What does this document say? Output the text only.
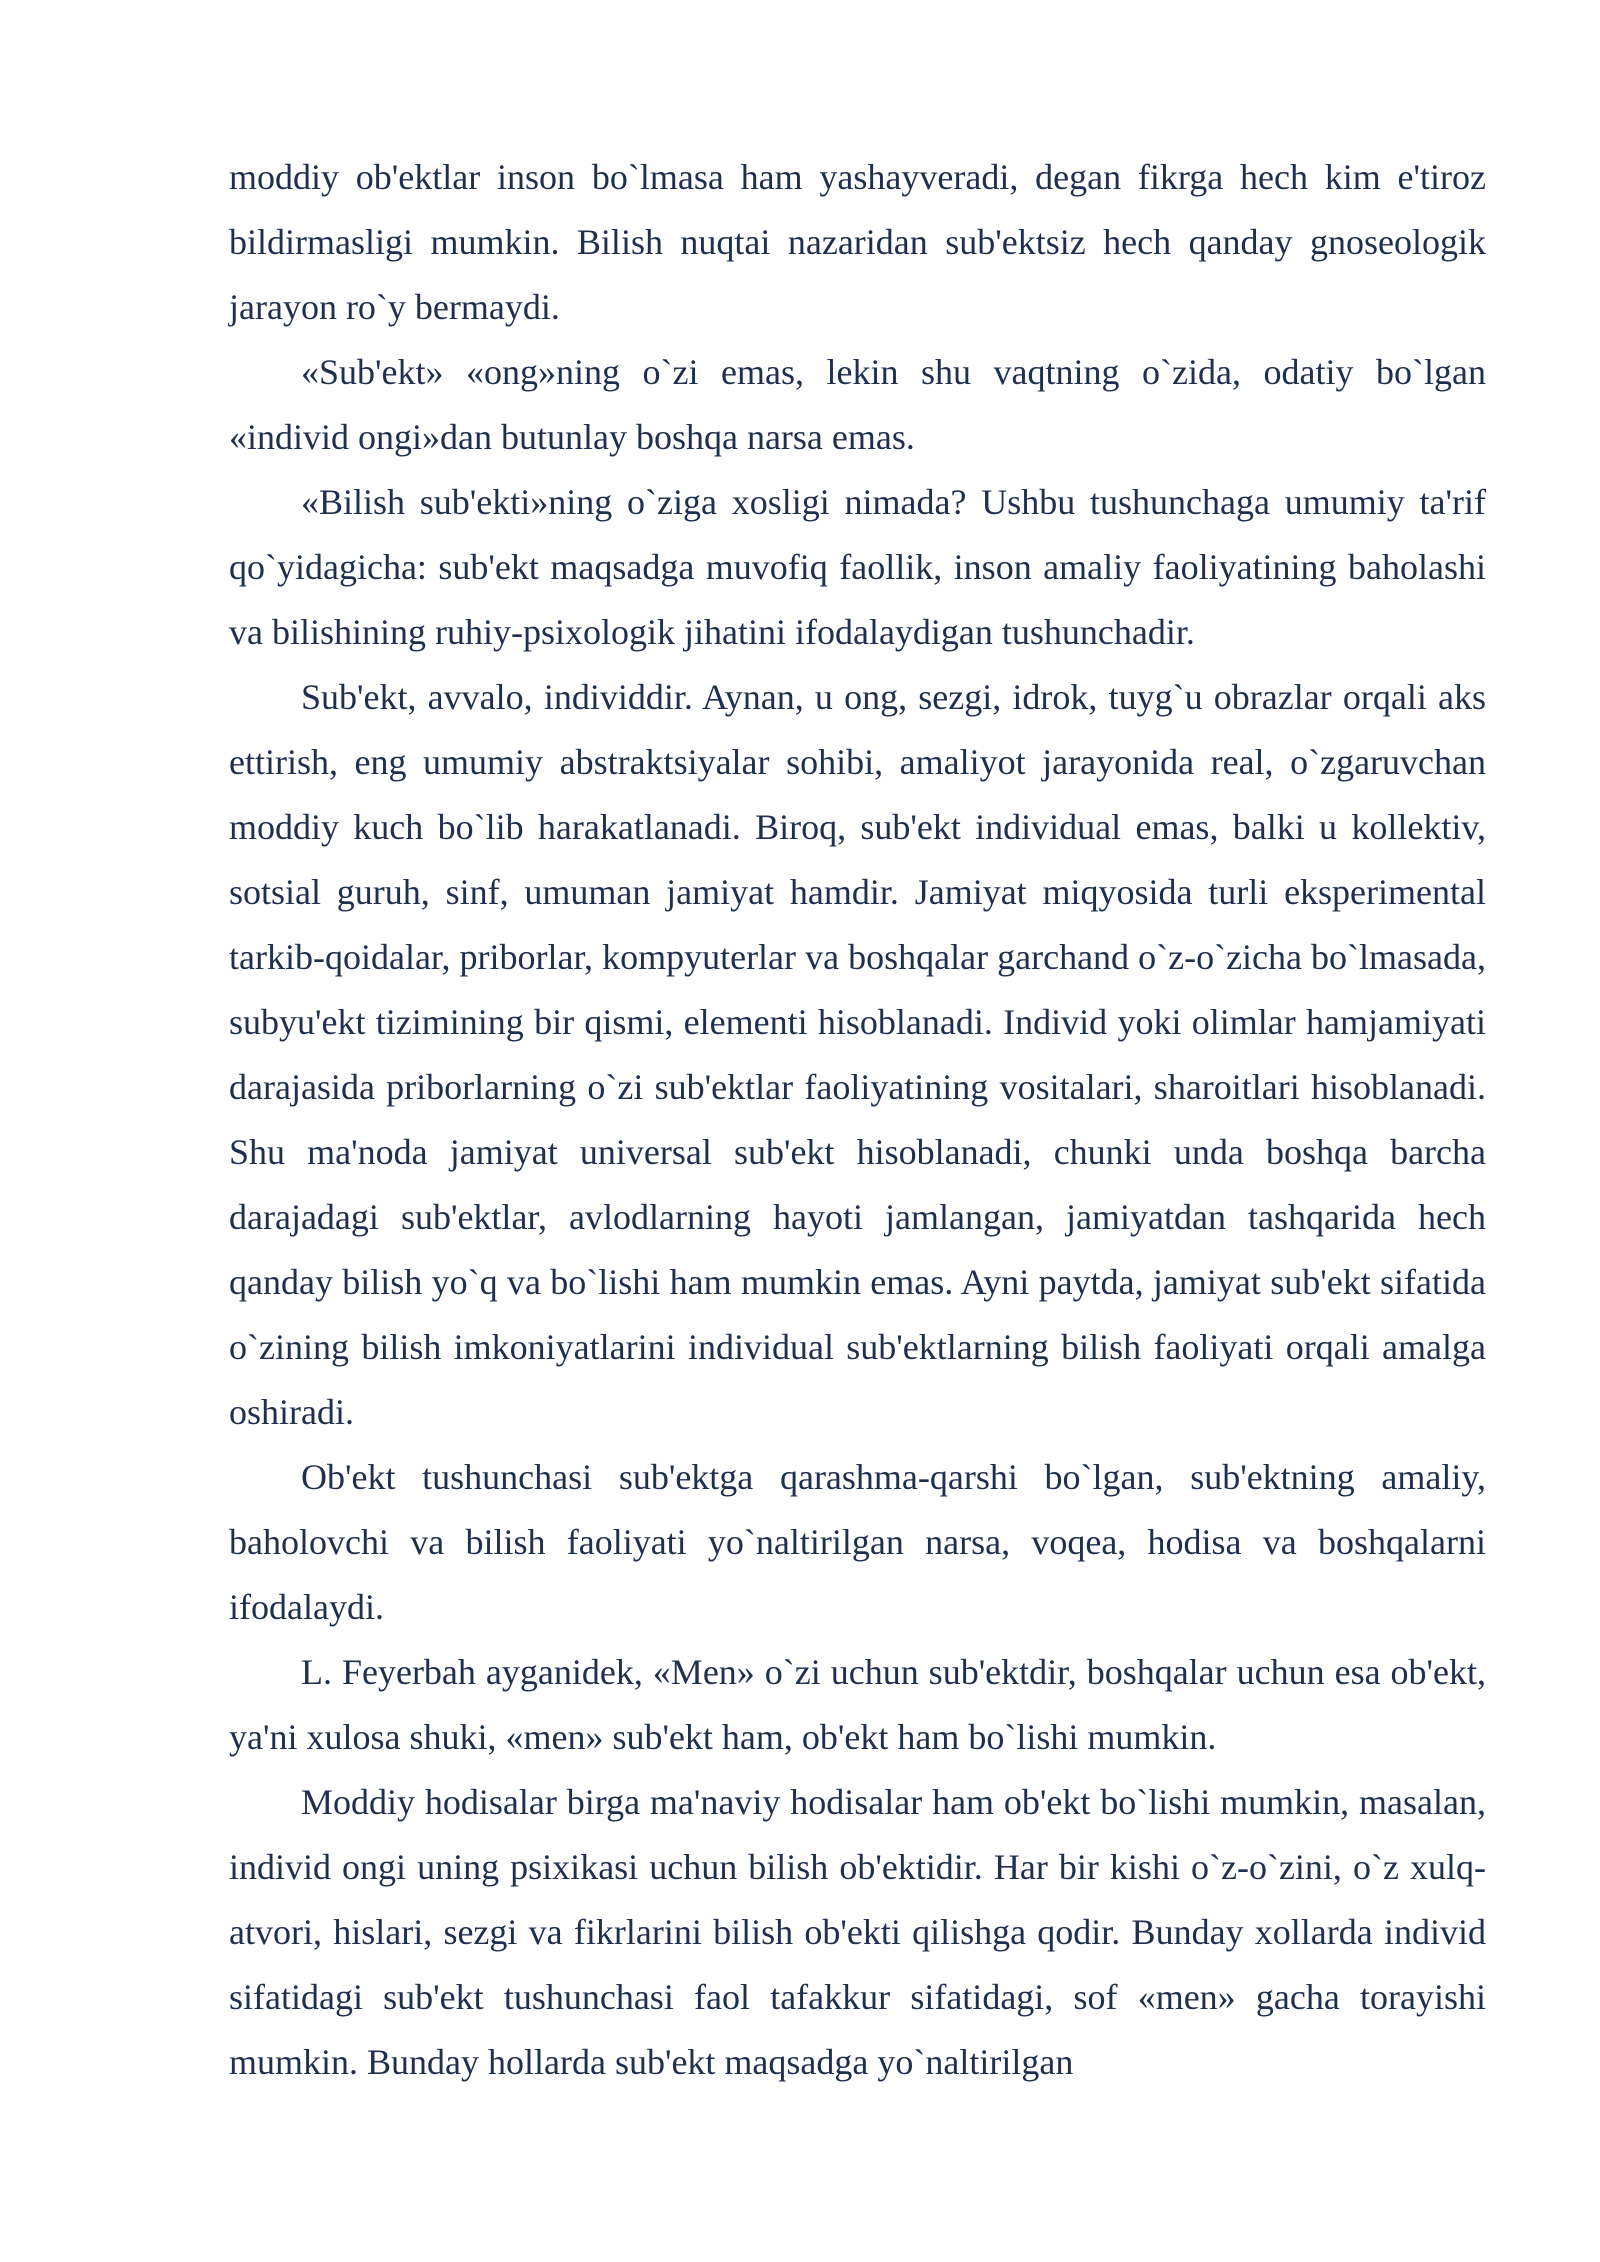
moddiy ob'ektlar inson bo`lmasa ham yashayveradi, degan fikrga hech kim e'tiroz bildirmasligi mumkin. Bilish nuqtai nazaridan sub'ektsiz hech qanday gnoseologik jarayon ro`y bermaydi.

«Sub'ekt» «ong»ning o`zi emas, lekin shu vaqtning o`zida, odatiy bo`lgan «individ ongi»dan butunlay boshqa narsa emas.

«Bilish sub'ekti»ning o`ziga xosligi nimada? Ushbu tushunchaga umumiy ta'rif qo`yidagicha: sub'ekt maqsadga muvofiq faollik, inson amaliy faoliyatining baholashi va bilishining ruhiy-psixologik jihatini ifodalaydigan tushunchadir.

Sub'ekt, avvalo, individdir. Aynan, u ong, sezgi, idrok, tuyg`u obrazlar orqali aks ettirish, eng umumiy abstraktsiyalar sohibi, amaliyot jarayonida real, o`zgaruvchan moddiy kuch bo`lib harakatlanadi. Biroq, sub'ekt individual emas, balki u kollektiv, sotsial guruh, sinf, umuman jamiyat hamdir. Jamiyat miqyosida turli eksperimental tarkib-qoidalar, priborlar, kompyuterlar va boshqalar garchand o`z-o`zicha bo`lmasada, subyu'ekt tizimining bir qismi, elementi hisoblanadi. Individ yoki olimlar hamjamiyati darajasida priborlarning o`zi sub'ektlar faoliyatining vositalari, sharoitlari hisoblanadi. Shu ma'noda jamiyat universal sub'ekt hisoblanadi, chunki unda boshqa barcha darajadagi sub'ektlar, avlodlarning hayoti jamlangan, jamiyatdan tashqarida hech qanday bilish yo`q va bo`lishi ham mumkin emas. Ayni paytda, jamiyat sub'ekt sifatida o`zining bilish imkoniyatlarini individual sub'ektlarning bilish faoliyati orqali amalga oshiradi.

Ob'ekt tushunchasi sub'ektga qarashma-qarshi bo`lgan, sub'ektning amaliy, baholovchi va bilish faoliyati yo`naltirilgan narsa, voqea, hodisa va boshqalarni ifodalaydi.

L. Feyerbah ayganidek, «Men» o`zi uchun sub'ektdir, boshqalar uchun esa ob'ekt, ya'ni xulosa shuki, «men» sub'ekt ham, ob'ekt ham bo`lishi mumkin.

Moddiy hodisalar birga ma'naviy hodisalar ham ob'ekt bo`lishi mumkin, masalan, individ ongi uning psixikasi uchun bilish ob'ektidir. Har bir kishi o`z-o`zini, o`z xulq-atvori, hislari, sezgi va fikrlarini bilish ob'ekti qilishga qodir. Bunday xollarda individ sifatidagi sub'ekt tushunchasi faol tafakkur sifatidagi, sof «men» gacha torayishi mumkin. Bunday hollarda sub'ekt maqsadga yo`naltirilgan
